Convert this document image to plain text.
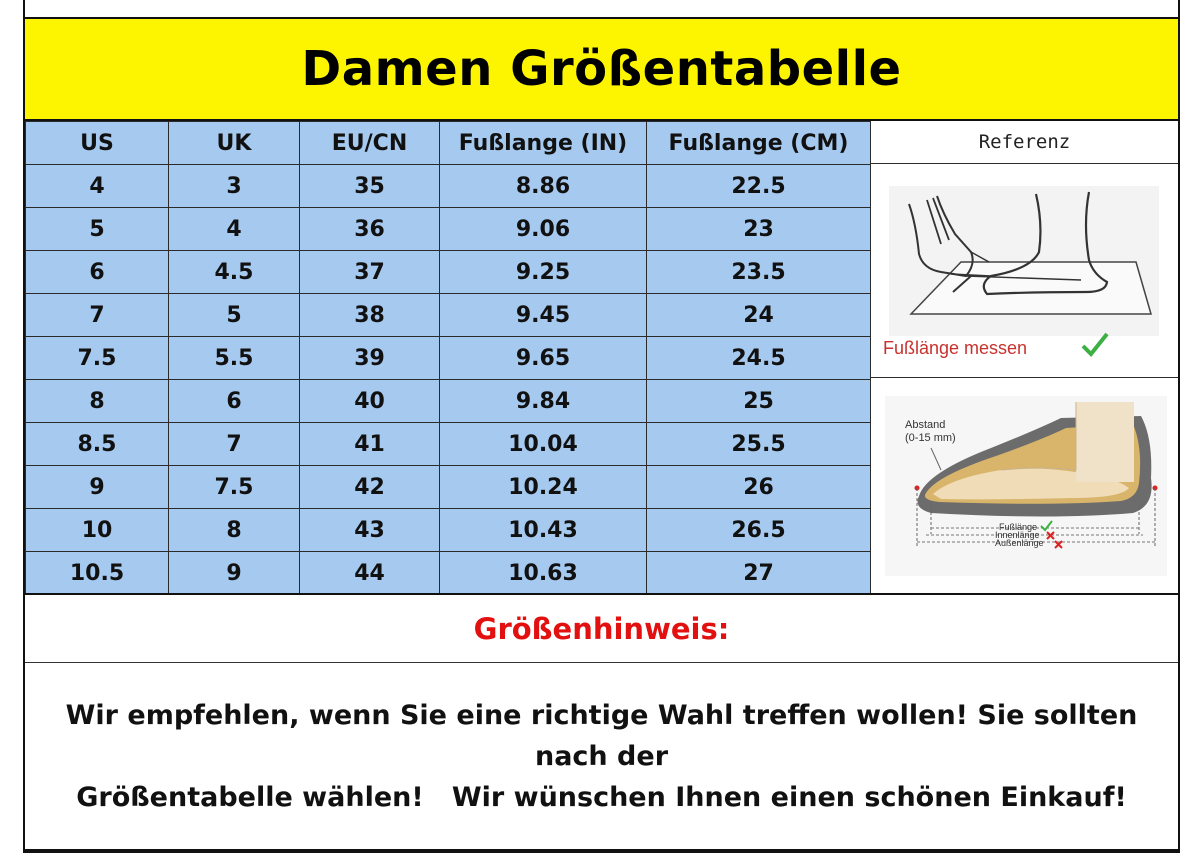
Damen Größentabelle
US	UK	EU/CN	Fußlange (IN)	Fußlange (CM)
4	3	35	8.86	22.5
5	4	36	9.06	23
6	4.5	37	9.25	23.5
7	5	38	9.45	24
7.5	5.5	39	9.65	24.5
8	6	40	9.84	25
8.5	7	41	10.04	25.5
9	7.5	42	10.24	26
10	8	43	10.43	26.5
10.5	9	44	10.63	27
Referenz
Fußlänge messen
Abstand
(0-15 mm)
Fußlänge
Innenlänge
Außenlänge
Größenhinweis:
Wir empfehlen, wenn Sie eine richtige Wahl treffen wollen! Sie sollten nach der
Größentabelle wählen!   Wir wünschen Ihnen einen schönen Einkauf!
